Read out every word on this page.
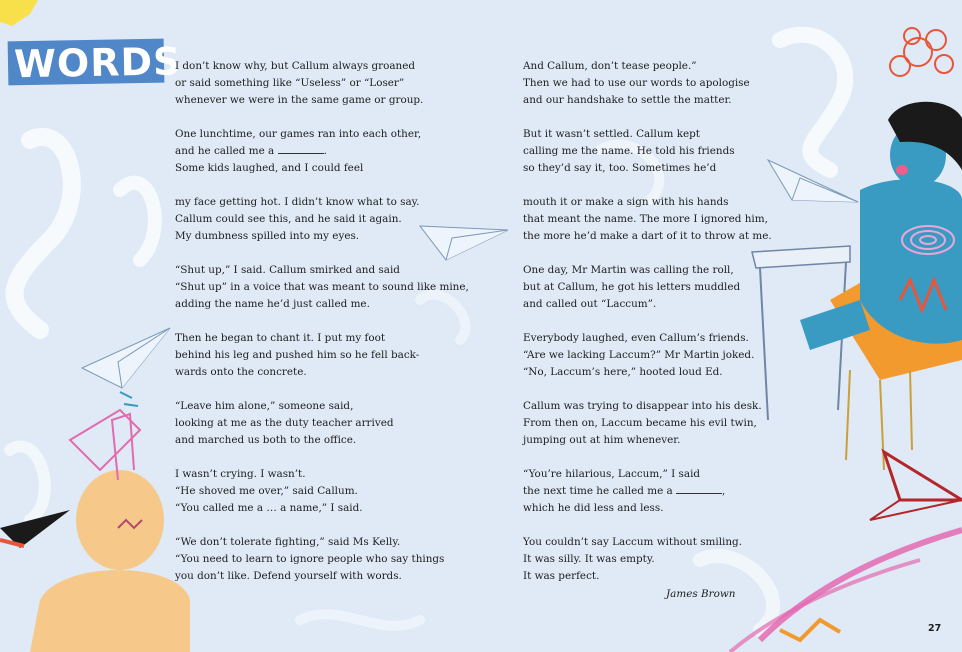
WORDS
I don’t know why, but Callum always groaned
or said something like “Useless” or “Loser”
whenever we were in the same game or group.
One lunchtime, our games ran into each other,
and he called me a	.
Some kids laughed, and I could feel
my face getting hot. I didn’t know what to say.
Callum could see this, and he said it again.
My dumbness spilled into my eyes.
“Shut up,” I said. Callum smirked and said
“Shut up” in a voice that was meant to sound like mine,
adding the name he’d just called me.
Then he began to chant it. I put my foot
behind his leg and pushed him so he fell back-
wards onto the concrete.
“Leave him alone,” someone said,
looking at me as the duty teacher arrived
and marched us both to the office.
I wasn’t crying. I wasn’t.
“He shoved me over,” said Callum.
“You called me a … a name,” I said.
“We don’t tolerate fighting,” said Ms Kelly.
“You need to learn to ignore people who say things
you don’t like. Defend yourself with words.
And Callum, don’t tease people.”
Then we had to use our words to apologise
and our handshake to settle the matter.
But it wasn’t settled. Callum kept
calling me the name. He told his friends
so they’d say it, too. Sometimes he’d
mouth it or make a sign with his hands
that meant the name. The more I ignored him,
the more he’d make a dart of it to throw at me.
One day, Mr Martin was calling the roll,
but at Callum, he got his letters muddled
and called out “Laccum”.
Everybody laughed, even Callum’s friends.
“Are we lacking Laccum?” Mr Martin joked.
“No, Laccum’s here,” hooted loud Ed.
Callum was trying to disappear into his desk.
From then on, Laccum became his evil twin,
jumping out at him whenever.
“You’re hilarious, Laccum,” I said
the next time he called me a	,
which he did less and less.
You couldn’t say Laccum without smiling.
It was silly. It was empty.
It was perfect.
James Brown
27
